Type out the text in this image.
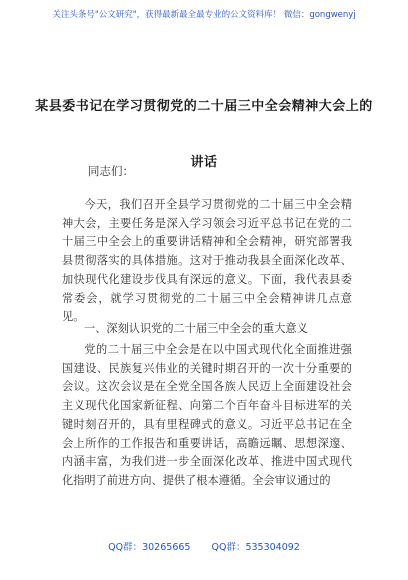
关注头条号"公文研究"，获得最新最全最专业的公文资料库！ 微信：gongwenyj
某县委书记在学习贯彻党的二十届三中全会精神大会上的
讲话
同志们：

今天，我们召开全县学习贯彻党的二十届三中全会精神大会，主要任务是深入学习领会习近平总书记在党的二十届三中全会上的重要讲话精神和全会精神，研究部署我县贯彻落实的具体措施。这对于推动我县全面深化改革、加快现代化建设步伐具有深远的意义。下面，我代表县委常委会，就学习贯彻党的二十届三中全会精神讲几点意见。

一、深刻认识党的二十届三中全会的重大意义

党的二十届三中全会是在以中国式现代化全面推进强国建设、民族复兴伟业的关键时期召开的一次十分重要的会议。这次会议是在全党全国各族人民迈上全面建设社会主义现代化国家新征程、向第二个百年奋斗目标进军的关键时刻召开的，具有里程碑式的意义。习近平总书记在全会上所作的工作报告和重要讲话，高瞻远瞩、思想深邃、内涵丰富，为我们进一步全面深化改革、推进中国式现代化指明了前进方向、提供了根本遵循。全会审议通过的

QQ群：30265665 QQ群：535304092
